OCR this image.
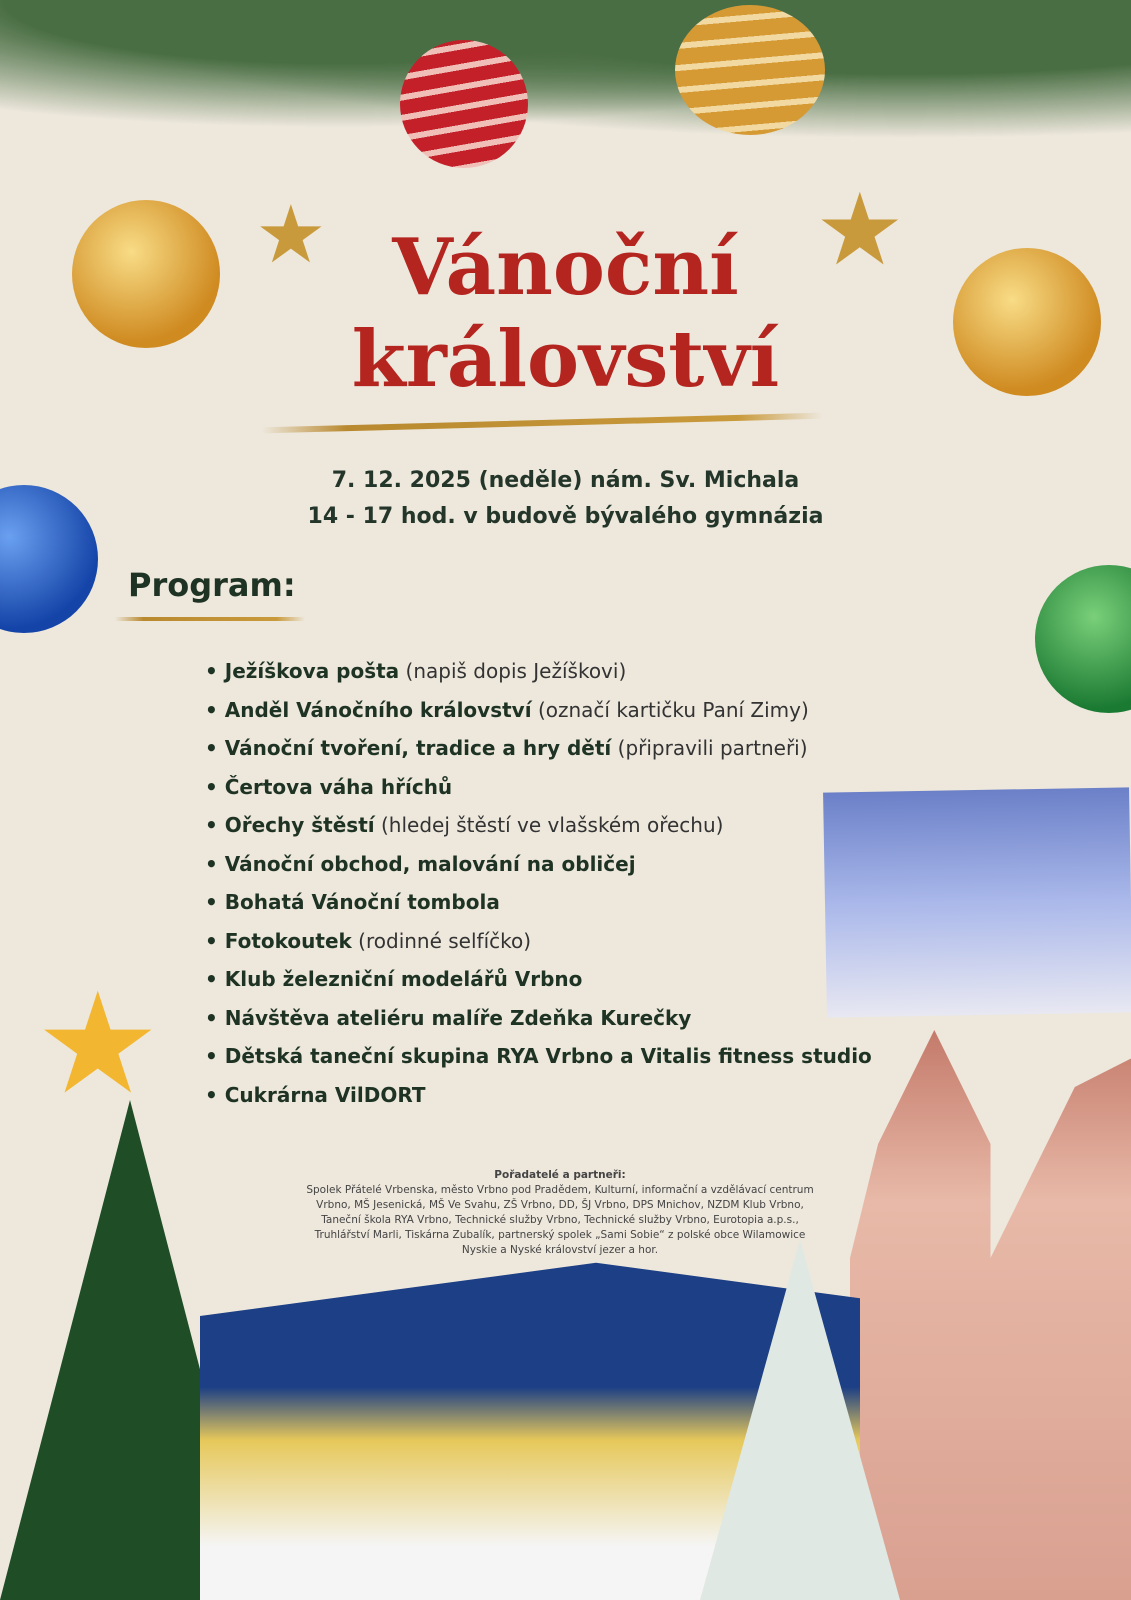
★	★
★
Vánoční
království
7. 12. 2025 (neděle) nám. Sv. Michala
14 - 17 hod. v budově bývalého gymnázia
Program:
• Ježíškova pošta (napiš dopis Ježíškovi)
• Anděl Vánočního království (označí kartičku Paní Zimy)
• Vánoční tvoření, tradice a hry dětí (připravili partneři)
• Čertova váha hříchů
• Ořechy štěstí (hledej štěstí ve vlašském ořechu)
• Vánoční obchod, malování na obličej
• Bohatá Vánoční tombola
• Fotokoutek (rodinné selfíčko)
• Klub železniční modelářů Vrbno
• Návštěva ateliéru malíře Zdeňka Kurečky
• Dětská taneční skupina RYA Vrbno a Vitalis fitness studio
• Cukrárna VilDORT
Pořadatelé a partneři:
Spolek Přátelé Vrbenska, město Vrbno pod Pradědem, Kulturní, informační a vzdělávací centrum Vrbno, MŠ Jesenická, MŠ Ve Svahu, ZŠ Vrbno, DD, ŠJ Vrbno, DPS Mnichov, NZDM Klub Vrbno, Taneční škola RYA Vrbno, Technické služby Vrbno, Technické služby Vrbno, Eurotopia a.p.s., Truhlářství Marli, Tiskárna Zubalík, partnerský spolek „Sami Sobie“ z polské obce Wilamowice Nyskie a Nyské království jezer a hor.
